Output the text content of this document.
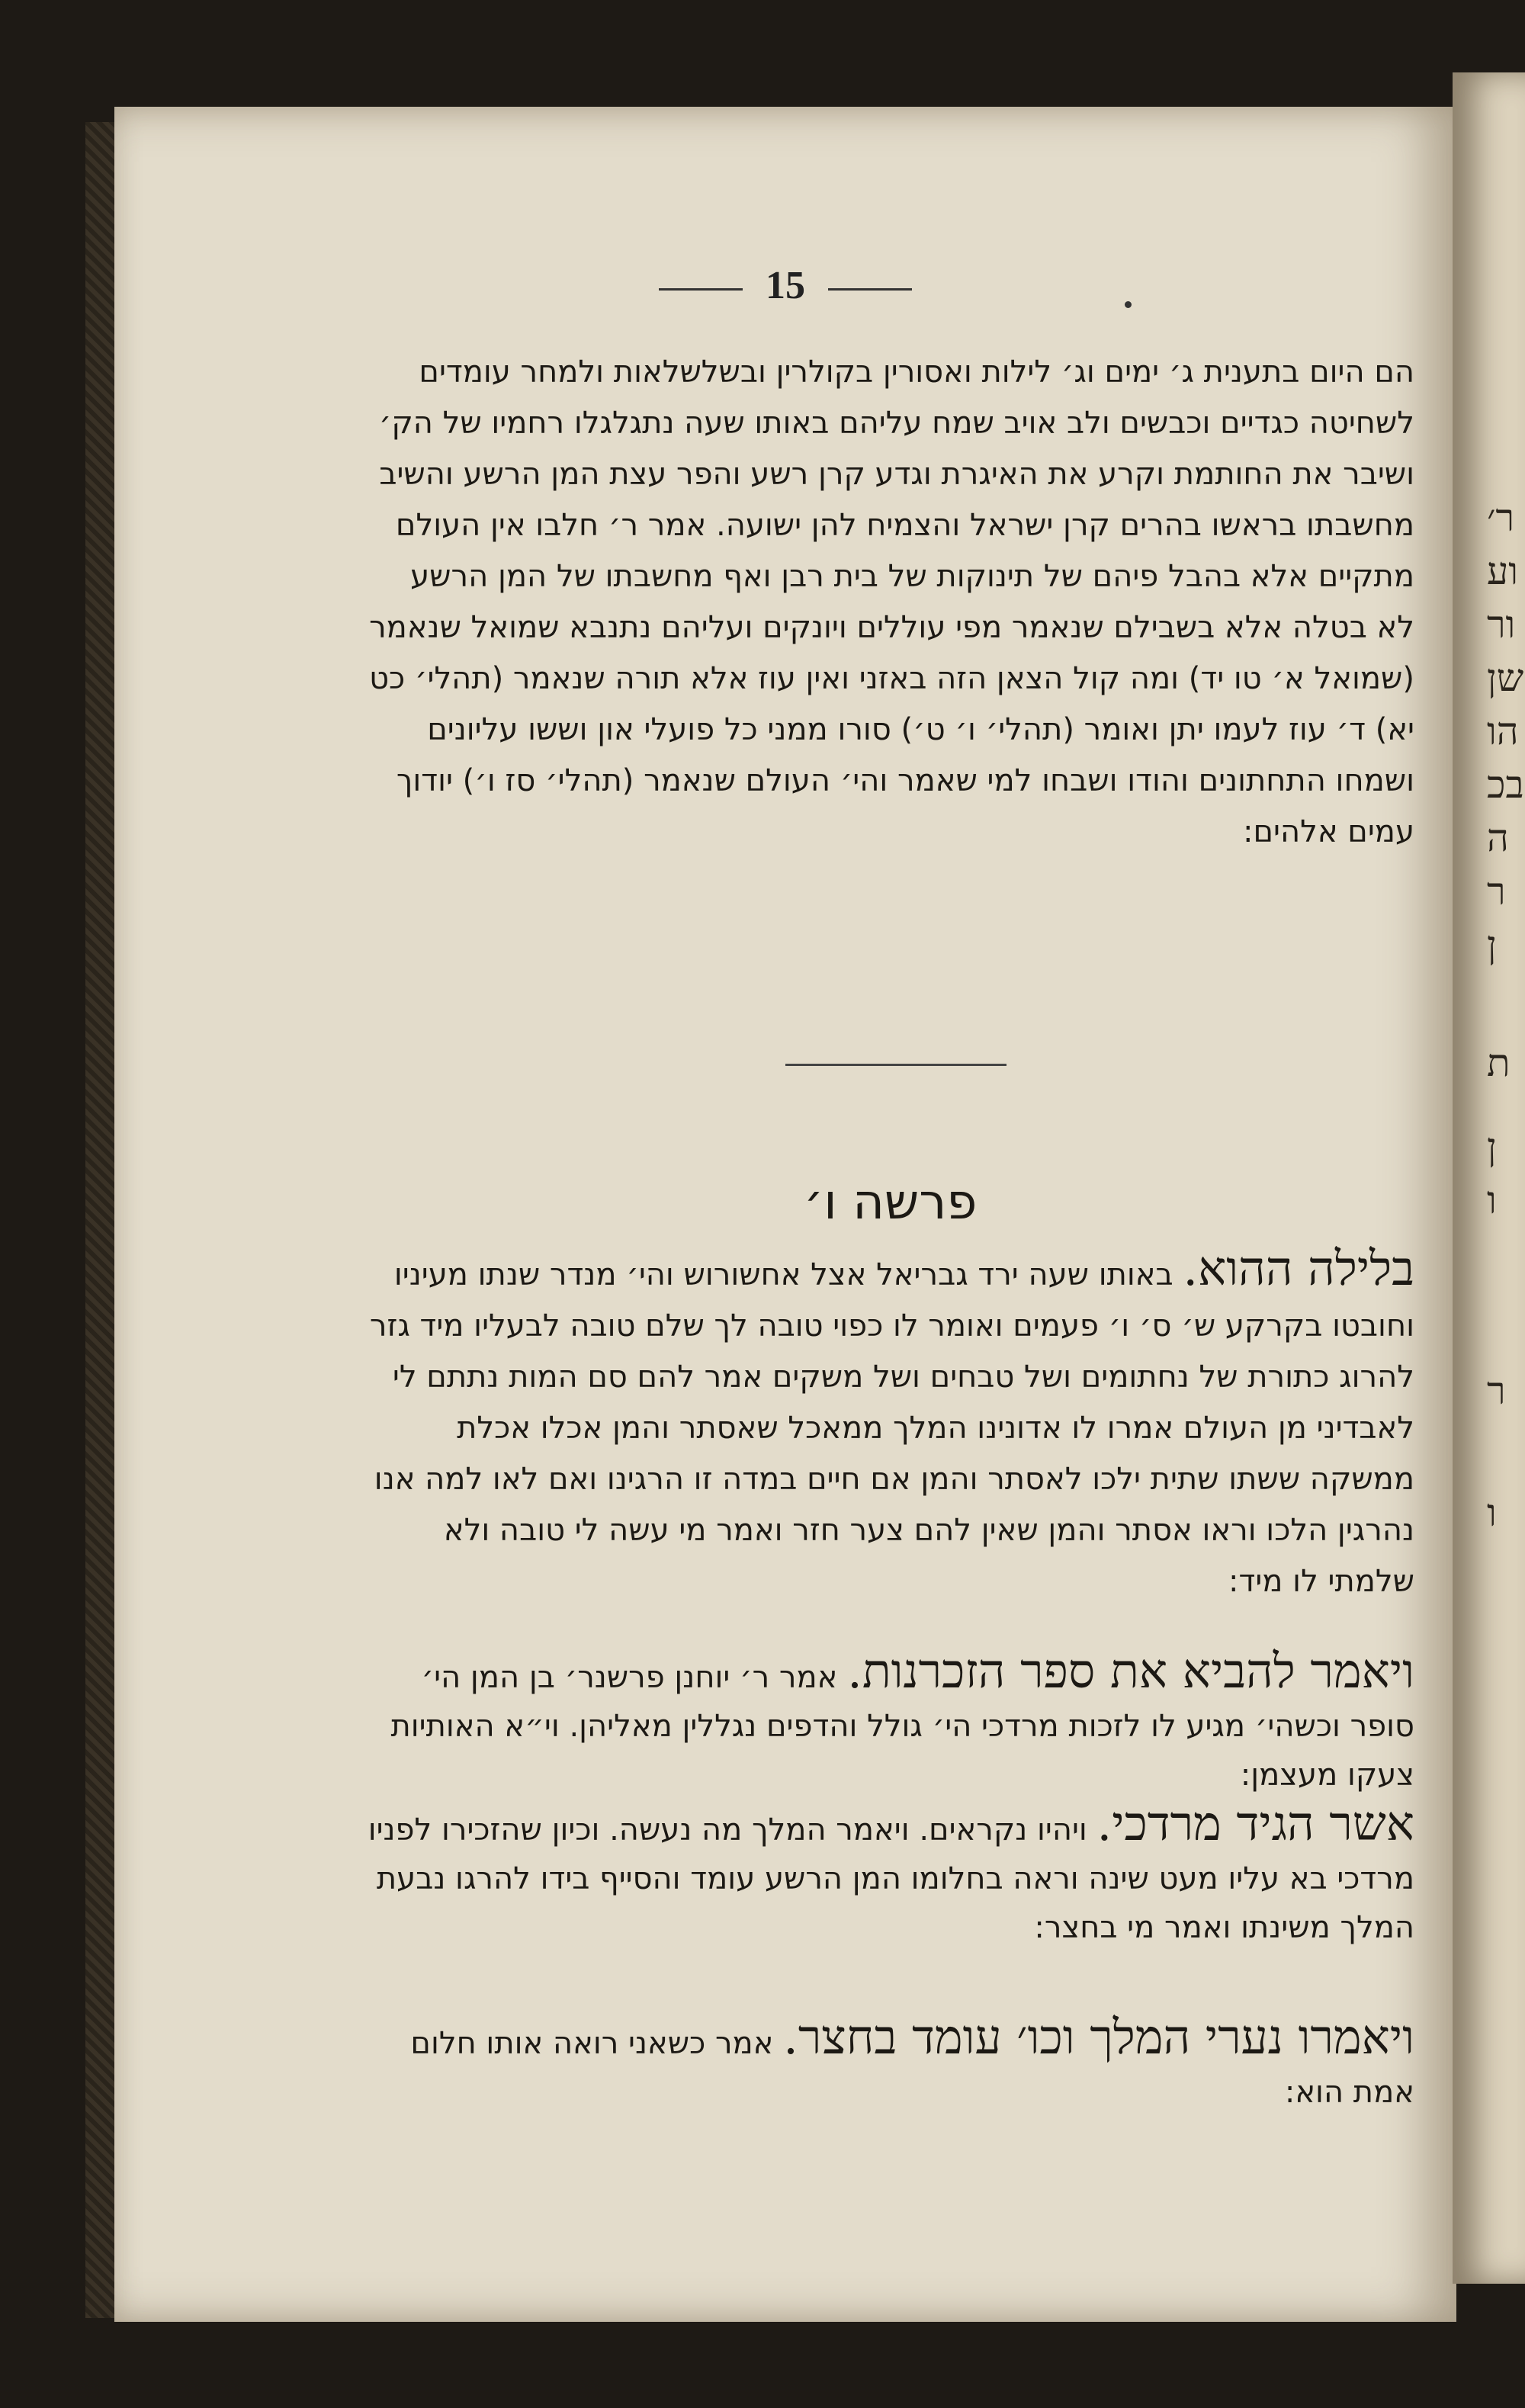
ר׳
וע
ור
שן
הו
בכ
ה
ר
ן
ת
ן
ו
ר
ו
15
הם היום בתענית ג׳ ימים וג׳ לילות ואסורין בקולרין ובשלשלאות ולמחר עומדים לשחיטה כגדיים וכבשים ולב אויב שמח עליהם באותו שעה נתגלגלו רחמיו של הק׳ ושיבר את החותמת וקרע את האיגרת וגדע קרן רשע והפר עצת המן הרשע והשיב מחשבתו בראשו בהרים קרן ישראל והצמיח להן ישועה. אמר ר׳ חלבו אין העולם מתקיים אלא בהבל פיהם של תינוקות של בית רבן ואף מחשבתו של המן הרשע לא בטלה אלא בשבילם שנאמר מפי עוללים ויונקים ועליהם נתנבא שמואל שנאמר (שמואל א׳ טו יד) ומה קול הצאן הזה באזני ואין עוז אלא תורה שנאמר (תהלי׳ כט יא) ד׳ עוז לעמו יתן ואומר (תהלי׳ ו׳ ט׳) סורו ממני כל פועלי און וששו עליונים ושמחו התחתונים והודו ושבחו למי שאמר והי׳ העולם שנאמר (תהלי׳ סז ו׳) יודוך עמים אלהים:
פרשה ו׳
בלילה ההוא. באותו שעה ירד גבריאל אצל אחשורוש והי׳ מנדר שנתו מעיניו וחובטו בקרקע ש׳ ס׳ ו׳ פעמים ואומר לו כפוי טובה לך שלם טובה לבעליו מיד גזר להרוג כתורת של נחתומים ושל טבחים ושל משקים אמר להם סם המות נתתם לי לאבדיני מן העולם אמרו לו אדונינו המלך ממאכל שאסתר והמן אכלו אכלת ממשקה ששתו שתית ילכו לאסתר והמן אם חיים במדה זו הרגינו ואם לאו למה אנו נהרגין הלכו וראו אסתר והמן שאין להם צער חזר ואמר מי עשה לי טובה ולא שלמתי לו מיד:
ויאמר להביא את ספר הזכרנות. אמר ר׳ יוחנן פרשנר׳ בן המן הי׳ סופר וכשהי׳ מגיע לו לזכות מרדכי הי׳ גולל והדפים נגללין מאליהן. וי״א האותיות צעקו מעצמן:
אשר הגיד מרדכי. ויהיו נקראים. ויאמר המלך מה נעשה. וכיון שהזכירו לפניו מרדכי בא עליו מעט שינה וראה בחלומו המן הרשע עומד והסייף בידו להרגו נבעת המלך משינתו ואמר מי בחצר:
ויאמרו נערי המלך וכו׳ עומד בחצר. אמר כשאני רואה אותו חלום אמת הוא:
